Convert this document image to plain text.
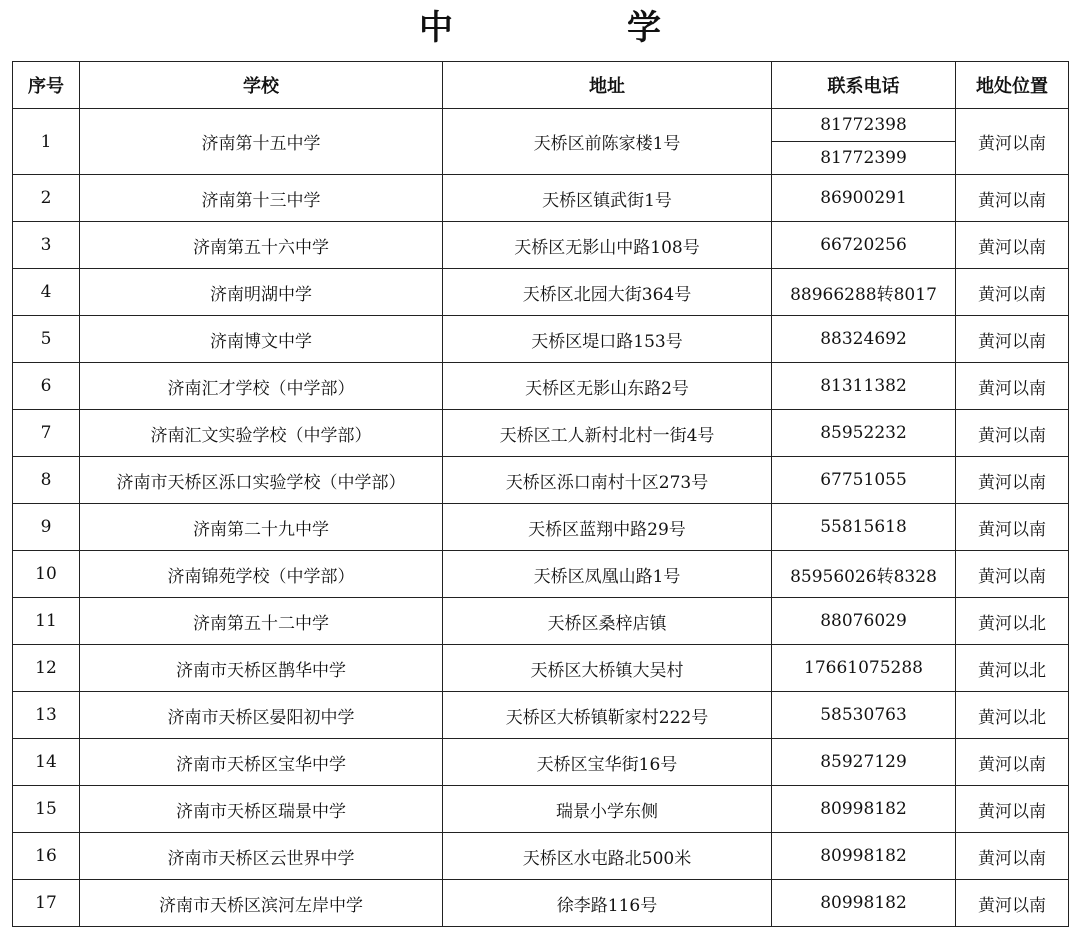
中　学
序号	学校	地址	联系电话	地处位置
1	济南第十五中学	天桥区前陈家楼1号	81772398	黄河以南
			81772399	
2	济南第十三中学	天桥区镇武街1号	86900291	黄河以南
3	济南第五十六中学	天桥区无影山中路108号	66720256	黄河以南
4	济南明湖中学	天桥区北园大街364号	88966288转8017	黄河以南
5	济南博文中学	天桥区堤口路153号	88324692	黄河以南
6	济南汇才学校（中学部）	天桥区无影山东路2号	81311382	黄河以南
7	济南汇文实验学校（中学部）	天桥区工人新村北村一街4号	85952232	黄河以南
8	济南市天桥区泺口实验学校（中学部）	天桥区泺口南村十区273号	67751055	黄河以南
9	济南第二十九中学	天桥区蓝翔中路29号	55815618	黄河以南
10	济南锦苑学校（中学部）	天桥区凤凰山路1号	85956026转8328	黄河以南
11	济南第五十二中学	天桥区桑梓店镇	88076029	黄河以北
12	济南市天桥区鹊华中学	天桥区大桥镇大吴村	17661075288	黄河以北
13	济南市天桥区晏阳初中学	天桥区大桥镇靳家村222号	58530763	黄河以北
14	济南市天桥区宝华中学	天桥区宝华街16号	85927129	黄河以南
15	济南市天桥区瑞景中学	瑞景小学东侧	80998182	黄河以南
16	济南市天桥区云世界中学	天桥区水屯路北500米	80998182	黄河以南
17	济南市天桥区滨河左岸中学	徐李路116号	80998182	黄河以南
